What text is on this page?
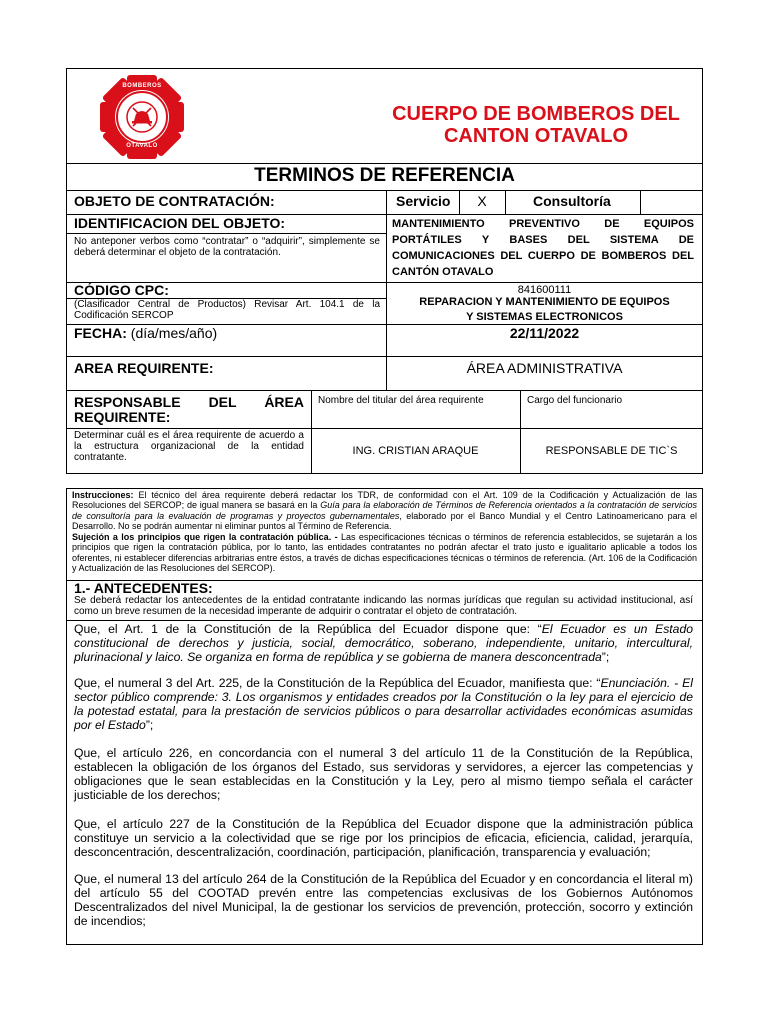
BOMBEROS
OTAVALO
CUERPO DE BOMBEROS DEL
CANTON OTAVALO
TERMINOS DE REFERENCIA
OBJETO DE CONTRATACIÓN:	Servicio	X	Consultoría
IDENTIFICACION DEL OBJETO:
No anteponer verbos como “contratar” o “adquirir”, simplemente se deberá determinar el objeto de la contratación.
MANTENIMIENTO PREVENTIVO DE EQUIPOS PORTÁTILES Y BASES DEL SISTEMA DE COMUNICACIONES DEL CUERPO DE BOMBEROS DEL CANTÓN OTAVALO
CÓDIGO CPC:
(Clasificador Central de Productos) Revisar Art. 104.1 de la Codificación SERCOP
841600111
REPARACION Y MANTENIMIENTO DE EQUIPOS
Y SISTEMAS ELECTRONICOS
FECHA: (día/mes/año)	22/11/2022
AREA REQUIRENTE:	ÁREA ADMINISTRATIVA
RESPONSABLE DEL ÁREA
REQUIRENTE:
Nombre del titular del área requirente	Cargo del funcionario
Determinar cuál es el área requirente de acuerdo a la estructura organizacional de la entidad contratante.
ING. CRISTIAN ARAQUE	RESPONSABLE DE TIC`S
Instrucciones: El técnico del área requirente deberá redactar los TDR, de conformidad con el Art. 109 de la Codificación y Actualización de las Resoluciones del SERCOP; de igual manera se basará en la Guía para la elaboración de Términos de Referencia orientados a la contratación de servicios de consultoría para la evaluación de programas y proyectos gubernamentales, elaborado por el Banco Mundial y el Centro Latinoamericano para el Desarrollo. No se podrán aumentar ni eliminar puntos al Término de Referencia.
Sujeción a los principios que rigen la contratación pública. - Las especificaciones técnicas o términos de referencia establecidos, se sujetarán a los principios que rigen la contratación pública, por lo tanto, las entidades contratantes no podrán afectar el trato justo e igualitario aplicable a todos los oferentes, ni establecer diferencias arbitrarias entre éstos, a través de dichas especificaciones técnicas o términos de referencia. (Art. 106 de la Codificación y Actualización de las Resoluciones del SERCOP).
1.- ANTECEDENTES:
Se deberá redactar los antecedentes de la entidad contratante indicando las normas jurídicas que regulan su actividad institucional, así como un breve resumen de la necesidad imperante de adquirir o contratar el objeto de contratación.
Que, el Art. 1 de la Constitución de la República del Ecuador dispone que: “El Ecuador es un Estado constitucional de derechos y justicia, social, democrático, soberano, independiente, unitario, intercultural, plurinacional y laico. Se organiza en forma de república y se gobierna de manera desconcentrada”;
Que, el numeral 3 del Art. 225, de la Constitución de la República del Ecuador, manifiesta que: “Enunciación. - El sector público comprende: 3. Los organismos y entidades creados por la Constitución o la ley para el ejercicio de la potestad estatal, para la prestación de servicios públicos o para desarrollar actividades económicas asumidas por el Estado”;
Que, el artículo 226, en concordancia con el numeral 3 del artículo 11 de la Constitución de la República, establecen la obligación de los órganos del Estado, sus servidoras y servidores, a ejercer las competencias y obligaciones que le sean establecidas en la Constitución y la Ley, pero al mismo tiempo señala el carácter justiciable de los derechos;
Que, el artículo 227 de la Constitución de la República del Ecuador dispone que la administración pública constituye un servicio a la colectividad que se rige por los principios de eficacia, eficiencia, calidad, jerarquía, desconcentración, descentralización, coordinación, participación, planificación, transparencia y evaluación;
Que, el numeral 13 del artículo 264 de la Constitución de la República del Ecuador y en concordancia el literal m) del artículo 55 del COOTAD prevén entre las competencias exclusivas de los Gobiernos Autónomos Descentralizados del nivel Municipal, la de gestionar los servicios de prevención, protección, socorro y extinción de incendios;
